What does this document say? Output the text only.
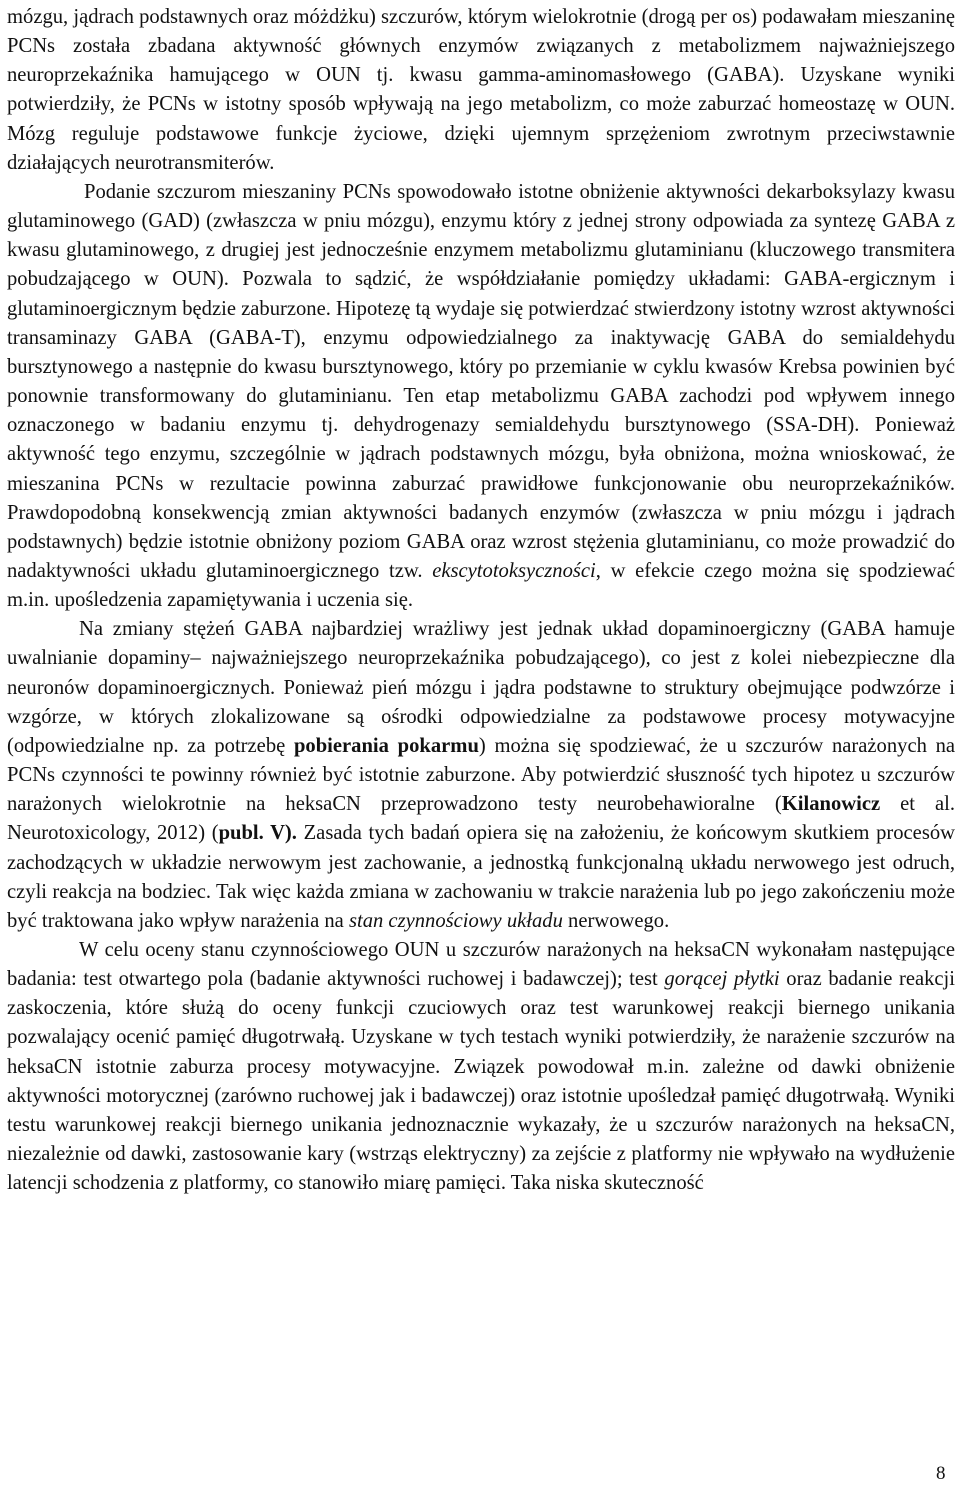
mózgu, jądrach podstawnych oraz móżdżku) szczurów, którym wielokrotnie (drogą per os) podawałam mieszaninę PCNs została zbadana aktywność głównych enzymów związanych z metabolizmem najważniejszego neuroprzekaźnika hamującego w OUN tj. kwasu gamma-aminomasłowego (GABA). Uzyskane wyniki potwierdziły, że PCNs w istotny sposób wpływają na jego metabolizm, co może zaburzać homeostazę w OUN. Mózg reguluje podstawowe funkcje życiowe, dzięki ujemnym sprzężeniom zwrotnym przeciwstawnie działających neurotransmiterów.

Podanie szczurom mieszaniny PCNs spowodowało istotne obniżenie aktywności dekarboksylazy kwasu glutaminowego (GAD) (zwłaszcza w pniu mózgu), enzymu który z jednej strony odpowiada za syntezę GABA z kwasu glutaminowego, z drugiej jest jednocześnie enzymem metabolizmu glutaminianu (kluczowego transmitera pobudzającego w OUN). Pozwala to sądzić, że współdziałanie pomiędzy układami: GABA-ergicznym i glutaminoergicznym będzie zaburzone. Hipotezę tą wydaje się potwierdzać stwierdzony istotny wzrost aktywności transaminazy GABA (GABA-T), enzymu odpowiedzialnego za inaktywację GABA do semialdehydu bursztynowego a następnie do kwasu bursztynowego, który po przemianie w cyklu kwasów Krebsa powinien być ponownie transformowany do glutaminianu. Ten etap metabolizmu GABA zachodzi pod wpływem innego oznaczonego w badaniu enzymu tj. dehydrogenazy semialdehydu bursztynowego (SSA-DH). Ponieważ aktywność tego enzymu, szczególnie w jądrach podstawnych mózgu, była obniżona, można wnioskować, że mieszanina PCNs w rezultacie powinna zaburzać prawidłowe funkcjonowanie obu neuroprzekaźników. Prawdopodobną konsekwencją zmian aktywności badanych enzymów (zwłaszcza w pniu mózgu i jądrach podstawnych) będzie istotnie obniżony poziom GABA oraz wzrost stężenia glutaminianu, co może prowadzić do nadaktywności układu glutaminoergicznego tzw. ekscytotoksyczności, w efekcie czego można się spodziewać m.in. upośledzenia zapamiętywania i uczenia się.

Na zmiany stężeń GABA najbardziej wrażliwy jest jednak układ dopaminoergiczny (GABA hamuje uwalnianie dopaminy– najważniejszego neuroprzekaźnika pobudzającego), co jest z kolei niebezpieczne dla neuronów dopaminoergicznych. Ponieważ pień mózgu i jądra podstawne to struktury obejmujące podwzórze i wzgórze, w których zlokalizowane są ośrodki odpowiedzialne za podstawowe procesy motywacyjne (odpowiedzialne np. za potrzebę pobierania pokarmu) można się spodziewać, że u szczurów narażonych na PCNs czynności te powinny również być istotnie zaburzone. Aby potwierdzić słuszność tych hipotez u szczurów narażonych wielokrotnie na heksaCN przeprowadzono testy neurobehawioralne (Kilanowicz et al. Neurotoxicology, 2012) (publ. V). Zasada tych badań opiera się na założeniu, że końcowym skutkiem procesów zachodzących w układzie nerwowym jest zachowanie, a jednostką funkcjonalną układu nerwowego jest odruch, czyli reakcja na bodziec. Tak więc każda zmiana w zachowaniu w trakcie narażenia lub po jego zakończeniu może być traktowana jako wpływ narażenia na stan czynnościowy układu nerwowego.

W celu oceny stanu czynnościowego OUN u szczurów narażonych na heksaCN wykonałam następujące badania: test otwartego pola (badanie aktywności ruchowej i badawczej); test gorącej płytki oraz badanie reakcji zaskoczenia, które służą do oceny funkcji czuciowych oraz test warunkowej reakcji biernego unikania pozwalający ocenić pamięć długotrwałą. Uzyskane w tych testach wyniki potwierdziły, że narażenie szczurów na heksaCN istotnie zaburza procesy motywacyjne. Związek powodował m.in. zależne od dawki obniżenie aktywności motorycznej (zarówno ruchowej jak i badawczej) oraz istotnie upośledzał pamięć długotrwałą. Wyniki testu warunkowej reakcji biernego unikania jednoznacznie wykazały, że u szczurów narażonych na heksaCN, niezależnie od dawki, zastosowanie kary (wstrząs elektryczny) za zejście z platformy nie wpływało na wydłużenie latencji schodzenia z platformy, co stanowiło miarę pamięci. Taka niska skuteczność

8
